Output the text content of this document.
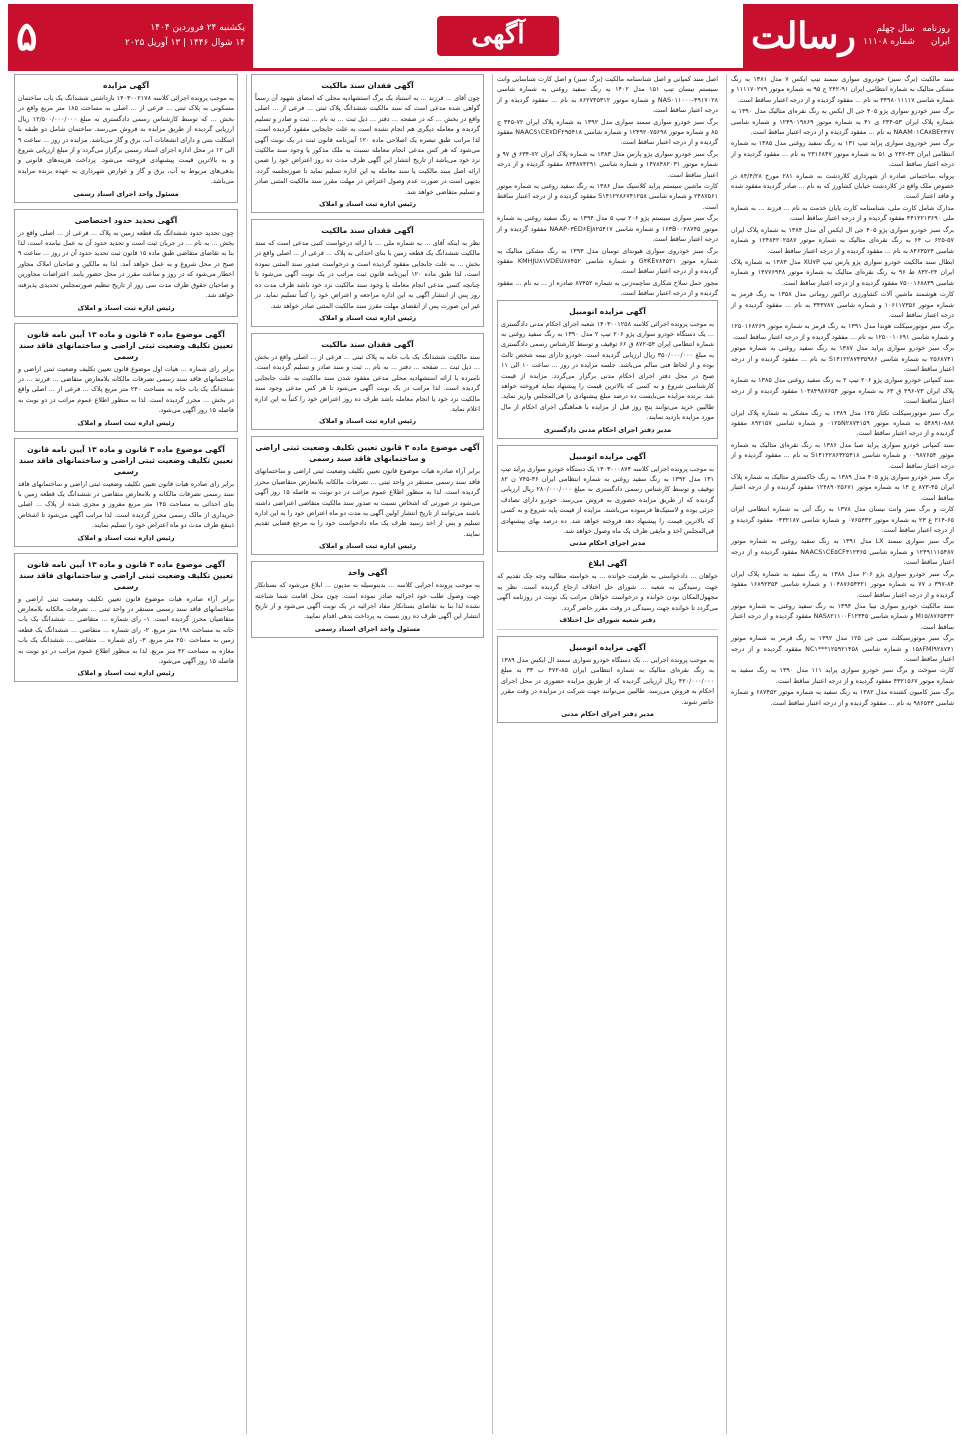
روزنامه
ایران
سال چهلم
شماره ۱۱۱۰۸
رسالت
آگهی
یکشنبه ۲۴ فروردین ۱۴۰۴
۱۴ شوال ۱۴۴۶ | ۱۳ آوریل ۲۰۲۵
۵

سند مالکیت (برگ سبز) خودروی سواری سمند تیپ ایکس ۷ مدل ۱۳۸۱ به رنگ مشکی متالیک به شماره انتظامی ایران ۹۱-۲۴۲ ج ۹۵ به شماره موتور ۱۱۱۱۷۰۲۷۹ و شماره شاسی ۳۴۹۸۰۱۱۱۱۷ به نام ... مفقود گردیده و از درجه اعتبار ساقط است.

برگ سبز خودرو سواری پژو ۴۰۵ جی ال ایکس به رنگ نقره‌ای متالیک مدل ۱۳۹۰ به شماره پلاک ایران ۵۳-۲۳۴ ی ۴۱ به شماره موتور ۱۲۴۹۰۱۹۸۶۹ و شماره شاسی NAAM۰۱CA۸BE۲۴۷۷ به نام ... مفقود گردیده و از درجه اعتبار ساقط است.

برگ سبز خودروی سواری پراید تیپ ۱۳۱ به رنگ سفید روغنی مدل ۱۳۸۵ به شماره انتظامی ایران ۴۳-۲۴۲ ی ۵۱ به شماره موتور ۲۳۱۶۸۴۷ به نام ... مفقود گردیده و از درجه اعتبار ساقط است.

پروانه ساختمانی صادره از شهرداری کلاردشت به شماره ۲۸۱ مورخ ۸۴/۴/۲۸ در خصوص ملک واقع در کلاردشت خیابان کشاورز که به نام ... صادر گردیده مفقود شده و فاقد اعتبار است.

مدارک شامل کارت ملی، شناسنامه کارت پایان خدمت به نام ... فرزند ... به شماره ملی ۴۴۱۲۲۱۳۶۹۰ مفقود گردیده و از درجه اعتبار ساقط است.

برگ سبز خودرو سواری پژو ۴۰۵ جی ال ایکس آی مدل ۱۳۸۴ به شماره پلاک ایران ۵۷-۶۲۵ ب ۶۴ به رنگ نقره‌ای متالیک به شماره موتور ۱۲۴۸۴۲۰۲۵۸۷ و شماره شاسی ۸۴۶۳۵۲۴ به نام ... مفقود گردیده و از درجه اعتبار ساقط است.

ابطال سند مالکیت خودرو سواری پژو پارس تیپ XU۷P مدل ۱۳۸۳ به شماره پلاک ایران ۲۴-۸۳۲ ط ۹۶ به رنگ نقره‌ای متالیک به شماره موتور ۱۴۷۷۶۹۴۸ و شماره شاسی ۷۵۰۰۱۶۸۸۳۹ مفقود گردیده و از درجه اعتبار ساقط است.

کارت هوشمند ماشین آلات کشاورزی تراکتور رومانی مدل ۱۳۵۸ به رنگ قرمز به شماره موتور ۱۰۶۱۱۷۳۵۶ و شماره شاسی ۳۴۳۷۸۷ به نام ... مفقود گردیده و از درجه اعتبار ساقط است.

برگ سبز موتورسیکلت هوندا مدل ۱۳۹۱ به رنگ قرمز به شماره موتور ۱۲۵۰۱۶۸۲۶۹ و شماره شاسی ۱۲۵۰۰۱۰۶۹۱ به نام ... مفقود گردیده و از درجه اعتبار ساقط است.

برگ سبز خودرو سواری پراید مدل ۱۳۸۷ به رنگ سفید روغنی به شماره موتور ۲۵۶۸۷۴۱ به شماره شاسی S۱۴۱۲۲۸۷۴۳۵۹۸۶ به نام ... مفقود گردیده و از درجه اعتبار ساقط است.

سند کمپانی خودرو سواری پژو ۲۰۶ تیپ ۲ به رنگ سفید روغنی مدل ۱۳۸۵ به شماره پلاک ایران ۷۳-۴۹۶ ق ۶۳ به شماره موتور ۱۰۳۸۴۹۸۷۶۵۴ مفقود گردیده و از درجه اعتبار ساقط است.

برگ سبز موتورسیکلت تکتاز ۱۲۵ مدل ۱۳۸۹ به رنگ مشکی به شماره پلاک ایران ۸۸۸-۵۴۸۹۱ به شماره موتور ۰۱۲۵N۲۸۷۴۱۵۹ و شماره شاسی ۸۹۲۱۵۷ مفقود گردیده و از درجه اعتبار ساقط است.

سند کمپانی خودرو سواری پراید صبا مدل ۱۳۸۶ به رنگ نقره‌ای متالیک به شماره موتور ۰۰۹۸۷۶۵۴ و شماره شاسی S۱۴۱۲۲۸۶۳۲۵۴۱۸ به نام ... مفقود گردیده و از درجه اعتبار ساقط است.

برگ سبز خودرو سواری پژو ۴۰۵ مدل ۱۳۸۹ به رنگ خاکستری متالیک به شماره پلاک ایران ۴۵-۸۷۳ ج ۱۴ به شماره موتور ۱۲۴۸۹۰۲۵۶۷۱ مفقود گردیده و از درجه اعتبار ساقط است.

کارت و برگ سبز وانت نیسان مدل ۱۳۷۸ به رنگ آبی به شماره انتظامی ایران ۶۵-۲۱۴ ع ۲۳ به شماره موتور ۰۷۶۵۴۳۲ و شماره شاسی ۰۴۳۲۱۸۷ مفقود گردیده و از درجه اعتبار ساقط است.

برگ سبز سواری سمند LX مدل ۱۳۹۱ به رنگ سفید روغنی به شماره موتور ۱۲۴۹۱۱۱۵۴۸۷ و شماره شاسی NAACS۱CE۵CF۴۱۲۳۶۵ مفقود گردیده و از درجه اعتبار ساقط است.

برگ سبز خودرو سواری پژو ۲۰۶ مدل ۱۳۸۸ به رنگ سفید به شماره پلاک ایران ۸۴-۳۹۷ د ۷۷ به شماره موتور ۱۰۴۸۷۶۵۴۳۲۱ و شماره شاسی ۱۶۸۹۲۳۵۴ مفقود گردیده و از درجه اعتبار ساقط است.

سند مالکیت خودرو سواری تیبا مدل ۱۳۹۴ به رنگ سفید روغنی به شماره موتور M۱۵/۸۷۶۵۴۳۲ و شماره شاسی NAS۸۲۱۱۰۰F۱۲۳۴۵ مفقود گردیده و از درجه اعتبار ساقط است.

برگ سبز موتورسیکلت سی جی ۱۲۵ مدل ۱۳۹۲ به رنگ قرمز به شماره موتور ۱۵۸FMI۹۲۸۷۴۱ و شماره شاسی NC۱***۱۲۵۹۲۱۴۵۸ مفقود گردیده و از درجه اعتبار ساقط است.

کارت سوخت و برگ سبز خودرو سواری پراید ۱۱۱ مدل ۱۳۹۰ به رنگ سفید به شماره موتور ۴۳۲۱۵۶۷ مفقود گردیده و از درجه اعتبار ساقط است.

برگ سبز کامیون کشنده مدل ۱۳۸۲ به رنگ سفید به شماره موتور ۶۸۷۴۵۲ و شماره شاسی ۹۸۶۵۴۳ به نام ... مفقود گردیده و از درجه اعتبار ساقط است.

اصل سند کمپانی و اصل شناسنامه مالکیت (برگ سبز) و اصل کارت شناسایی وانت سیستم نیسان تیپ ۱۵۱ مدل ۱۴۰۲ به رنگ سفید روغنی به شماره شاسی NAS۰۱۱۰۰۰-۴۹۱۷۰۲۸ و شماره موتور ۸۶۲۷۴۵۳۱۲ به نام ... مفقود گردیده و از درجه اعتبار ساقط است.

برگ سبز خودرو سواری سمند سواری مدل ۱۳۹۲ به شماره پلاک ایران ۷۲-۳۴۵ ج ۸۵ و شماره موتور ۱۲۴۹۲۰۷۵۶۹۸ و شماره شاسی NAACS۱CE۷DF۲۹۵۴۱۸ مفقود گردیده و از درجه اعتبار ساقط است.

برگ سبز خودرو سواری پژو پارس مدل ۱۳۸۳ به شماره پلاک ایران ۷۲-۶۳۴ ق ۹۷ و شماره موتور ۱۴۷۸۴۸۲۰۳۱ و شماره شاسی ۸۳۴۸۷۴۲۹۱ مفقود گردیده و از درجه اعتبار ساقط است.

کارت ماشین سیستم پراید کلاسیک مدل ۱۳۸۶ به رنگ سفید روغنی به شماره موتور ۲۴۸۷۵۶۱ و شماره شاسی S۱۴۱۲۲۸۶۷۴۱۲۵۸ مفقود گردیده و از درجه اعتبار ساقط است.

برگ سبز سواری سیستم پژو ۲۰۶ تیپ ۵ مدل ۱۳۹۴ به رنگ سفید روغنی به شماره موتور ۱۶۳B۰۰۲۸۷۴۵ و شماره شاسی NAAP۰۳ED۶EJ۸۲۵۴۱۷ مفقود گردیده و از درجه اعتبار ساقط است.

برگ سبز خودروی سواری هیوندای توسان مدل ۱۳۹۳ به رنگ مشکی متالیک به شماره موتور G۴KE۷۸۴۵۲۱ و شماره شاسی KMHJU۸۱VDEU۸۷۴۵۲ مفقود گردیده و از درجه اعتبار ساقط است.

مجوز حمل سلاح شکاری ساچمه‌زنی به شماره ۸۷۴۵۲ صادره از ... به نام ... مفقود گردیده و از درجه اعتبار ساقط است.

آگهی مزایده اتومبیل

به موجب پرونده اجرائی کلاسه ۱۴۰۳۰۰۱۲۵۸ شعبه اجرای احکام مدنی دادگستری ... یک دستگاه خودرو سواری پژو ۲۰۶ تیپ ۲ مدل ۱۳۹۰ به رنگ سفید روغنی به شماره انتظامی ایران ۵۴-۸۷۲ ق ۶۶ توقیف و توسط کارشناس رسمی دادگستری به مبلغ ۳۵۰/۰۰۰/۰۰۰ ریال ارزیابی گردیده است. خودرو دارای بیمه شخص ثالث بوده و از لحاظ فنی سالم می‌باشد. جلسه مزایده در روز ... ساعت ۱۰ الی ۱۱ صبح در محل دفتر اجرای احکام مدنی برگزار می‌گردد. مزایده از قیمت کارشناسی شروع و به کسی که بالاترین قیمت را پیشنهاد نماید فروخته خواهد شد. برنده مزایده می‌بایست ده درصد مبلغ پیشنهادی را فی‌المجلس واریز نماید. طالبین خرید می‌توانند پنج روز قبل از مزایده با هماهنگی اجرای احکام از مال مورد مزایده بازدید نمایند.

مدیر دفتر اجرای احکام مدنی دادگستری
آگهی مزایده اتومبیل

به موجب پرونده اجرایی کلاسه ۱۴۰۳۰۰۰۸۷۴ یک دستگاه خودرو سواری پراید تیپ ۱۳۱ مدل ۱۳۹۲ به رنگ سفید روغنی به شماره انتظامی ایران ۳۶-۷۴۵ ن ۸۲ توقیف و توسط کارشناس رسمی دادگستری به مبلغ ۲۸۰/۰۰۰/۰۰۰ ریال ارزیابی گردیده که از طریق مزایده حضوری به فروش می‌رسد. خودرو دارای تصادف جزئی بوده و لاستیک‌ها فرسوده می‌باشند. مزایده از قیمت پایه شروع و به کسی که بالاترین قیمت را پیشنهاد دهد فروخته خواهد شد. ده درصد بهای پیشنهادی فی‌المجلس اخذ و مابقی ظرف یک ماه وصول خواهد شد.

مدیر اجرای احکام مدنی
آگهی ابلاغ

خواهان ... دادخواستی به طرفیت خوانده ... به خواسته مطالبه وجه چک تقدیم که جهت رسیدگی به شعبه ... شورای حل اختلاف ارجاع گردیده است. نظر به مجهول‌المکان بودن خوانده و درخواست خواهان مراتب یک نوبت در روزنامه آگهی می‌گردد تا خوانده جهت رسیدگی در وقت مقرر حاضر گردد.

دفتر شعبه شورای حل اختلاف
آگهی مزایده اتومبیل

به موجب پرونده اجرایی ... یک دستگاه خودرو سواری سمند ال ایکس مدل ۱۳۸۹ به رنگ نقره‌ای متالیک به شماره انتظامی ایران ۸۵-۴۷۲ ب ۳۳ به مبلغ ۴۲۰/۰۰۰/۰۰۰ ریال ارزیابی گردیده که از طریق مزایده حضوری در محل اجرای احکام به فروش می‌رسد. طالبین می‌توانند جهت شرکت در مزایده در وقت مقرر حاضر شوند.

مدیر دفتر اجرای احکام مدنی
آگهی فقدان سند مالکیت

چون آقای ... فرزند ... به استناد یک برگ استشهادیه محلی که امضای شهود آن رسماً گواهی شده مدعی است که سند مالکیت ششدانگ پلاک ثبتی ... فرعی از ... اصلی واقع در بخش ... که در صفحه ... دفتر ... ذیل ثبت ... به نام ... ثبت و صادر و تسلیم گردیده و معامله دیگری هم انجام نشده است به علت جابجایی مفقود گردیده است، لذا مراتب طبق تبصره یک اصلاحی ماده ۱۲۰ آیین‌نامه قانون ثبت در یک نوبت آگهی می‌شود که هر کس مدعی انجام معامله نسبت به ملک مذکور یا وجود سند مالکیت نزد خود می‌باشد از تاریخ انتشار این آگهی ظرف مدت ده روز اعتراض خود را ضمن ارائه اصل سند مالکیت یا سند معامله به این اداره تسلیم نماید تا صورتجلسه گردد. بدیهی است در صورت عدم وصول اعتراض در مهلت مقرر سند مالکیت المثنی صادر و تسلیم متقاضی خواهد شد.

رئیس اداره ثبت اسناد و املاک
آگهی فقدان سند مالکیت

نظر به اینکه آقای ... به شماره ملی ... با ارائه درخواست کتبی مدعی است که سند مالکیت ششدانگ یک قطعه زمین با بنای احداثی به پلاک ... فرعی از ... اصلی واقع در بخش ... به علت جابجایی مفقود گردیده است و درخواست صدور سند المثنی نموده است، لذا طبق ماده ۱۲۰ آیین‌نامه قانون ثبت مراتب در یک نوبت آگهی می‌شود تا چنانچه کسی مدعی انجام معامله یا وجود سند مالکیت نزد خود باشد ظرف مدت ده روز پس از انتشار آگهی به این اداره مراجعه و اعتراض خود را کتباً تسلیم نماید. در غیر این صورت پس از انقضای مهلت مقرر سند مالکیت المثنی صادر خواهد شد.

رئیس اداره ثبت اسناد و املاک
آگهی فقدان سند مالکیت

سند مالکیت ششدانگ یک باب خانه به پلاک ثبتی ... فرعی از ... اصلی واقع در بخش ... ذیل ثبت ... صفحه ... دفتر ... به نام ... ثبت و سند صادر و تسلیم گردیده است. نامبرده با ارائه استشهادیه محلی مدعی مفقود شدن سند مالکیت به علت جابجایی گردیده است. لذا مراتب در یک نوبت آگهی می‌شود تا هر کس مدعی وجود سند مالکیت نزد خود یا انجام معامله باشد ظرف ده روز اعتراض خود را کتباً به این اداره اعلام نماید.

رئیس اداره ثبت اسناد و املاک
آگهی موضوع ماده ۳ قانون تعیین تکلیف وضعیت ثبتی اراضی و ساختمانهای فاقد سند رسمی

برابر آراء صادره هیات موضوع قانون تعیین تکلیف وضعیت ثبتی اراضی و ساختمانهای فاقد سند رسمی مستقر در واحد ثبتی ... تصرفات مالکانه بلامعارض متقاضیان محرز گردیده است. لذا به منظور اطلاع عموم مراتب در دو نوبت به فاصله ۱۵ روز آگهی می‌شود در صورتی که اشخاص نسبت به صدور سند مالکیت متقاضی اعتراضی داشته باشند می‌توانند از تاریخ انتشار اولین آگهی به مدت دو ماه اعتراض خود را به این اداره تسلیم و پس از اخذ رسید ظرف یک ماه دادخواست خود را به مرجع قضایی تقدیم نمایند.

رئیس اداره ثبت اسناد و املاک
آگهی واحد

به موجب پرونده اجرایی کلاسه ... بدینوسیله به مدیون ... ابلاغ می‌شود که بستانکار جهت وصول طلب خود اجرائیه صادر نموده است. چون محل اقامت شما شناخته نشده لذا بنا به تقاضای بستانکار مفاد اجرائیه در یک نوبت آگهی می‌شود و از تاریخ انتشار این آگهی ظرف ده روز نسبت به پرداخت بدهی اقدام نمایید.

مسئول واحد اجرای اسناد رسمی
آگهی مزایده

به موجب پرونده اجرائی کلاسه ۱۴۰۳۰۰۲۱۷۸ بازداشتی ششدانگ یک باب ساختمان مسکونی به پلاک ثبتی ... فرعی از ... اصلی به مساحت ۱۸۵ متر مربع واقع در بخش ... که توسط کارشناس رسمی دادگستری به مبلغ ۱۲/۵۰۰/۰۰۰/۰۰۰ ریال ارزیابی گردیده از طریق مزایده به فروش می‌رسد. ساختمان شامل دو طبقه با اسکلت بتنی و دارای انشعابات آب، برق و گاز می‌باشد. مزایده در روز ... ساعت ۹ الی ۱۲ در محل اداره اجرای اسناد رسمی برگزار می‌گردد و از مبلغ ارزیابی شروع و به بالاترین قیمت پیشنهادی فروخته می‌شود. پرداخت هزینه‌های قانونی و بدهی‌های مربوط به آب، برق و گاز و عوارض شهرداری به عهده برنده مزایده می‌باشد.

مسئول واحد اجرای اسناد رسمی
آگهی تحدید حدود اختصاصی

چون تحدید حدود ششدانگ یک قطعه زمین به پلاک ... فرعی از ... اصلی واقع در بخش ... به نام ... در جریان ثبت است و تحدید حدود آن به عمل نیامده است، لذا بنا به تقاضای متقاضی طبق ماده ۱۵ قانون ثبت تحدید حدود آن در روز ... ساعت ۹ صبح در محل شروع و به عمل خواهد آمد. لذا به مالکین و صاحبان املاک مجاور اخطار می‌شود که در روز و ساعت مقرر در محل حضور یابند. اعتراضات مجاورین و صاحبان حقوق ظرف مدت سی روز از تاریخ تنظیم صورتمجلس تحدیدی پذیرفته خواهد شد.

رئیس اداره ثبت اسناد و املاک
آگهی موضوع ماده ۳ قانون و ماده ۱۳ آیین نامه قانون تعیین تکلیف وضعیت ثبتی اراضی و ساختمانهای فاقد سند رسمی

برابر رای شماره ... هیات اول موضوع قانون تعیین تکلیف وضعیت ثبتی اراضی و ساختمانهای فاقد سند رسمی تصرفات مالکانه بلامعارض متقاضی ... فرزند ... در ششدانگ یک باب خانه به مساحت ۲۳۰ متر مربع پلاک ... فرعی از ... اصلی واقع در بخش ... محرز گردیده است. لذا به منظور اطلاع عموم مراتب در دو نوبت به فاصله ۱۵ روز آگهی می‌شود.

رئیس اداره ثبت اسناد و املاک
آگهی موضوع ماده ۳ قانون و ماده ۱۳ آیین نامه قانون تعیین تکلیف وضعیت ثبتی اراضی و ساختمانهای فاقد سند رسمی

برابر رای صادره هیات قانون تعیین تکلیف وضعیت ثبتی اراضی و ساختمانهای فاقد سند رسمی تصرفات مالکانه و بلامعارض متقاضی در ششدانگ یک قطعه زمین با بنای احداثی به مساحت ۱۴۵ متر مربع مفروز و مجزی شده از پلاک ... اصلی خریداری از مالک رسمی محرز گردیده است. لذا مراتب آگهی می‌شود تا اشخاص ذینفع ظرف مدت دو ماه اعتراض خود را تسلیم نمایند.

رئیس اداره ثبت اسناد و املاک
آگهی موضوع ماده ۳ قانون و ماده ۱۳ آیین نامه قانون تعیین تکلیف وضعیت ثبتی اراضی و ساختمانهای فاقد سند رسمی

برابر آراء صادره هیات موضوع قانون تعیین تکلیف وضعیت ثبتی اراضی و ساختمانهای فاقد سند رسمی مستقر در واحد ثبتی ... تصرفات مالکانه بلامعارض متقاضیان محرز گردیده است. ۱- رای شماره ... متقاضی ... ششدانگ یک باب خانه به مساحت ۱۹۸ متر مربع. ۲- رای شماره ... متقاضی ... ششدانگ یک قطعه زمین به مساحت ۲۵۰ متر مربع. ۳- رای شماره ... متقاضی ... ششدانگ یک باب مغازه به مساحت ۴۲ متر مربع. لذا به منظور اطلاع عموم مراتب در دو نوبت به فاصله ۱۵ روز آگهی می‌شود.

رئیس اداره ثبت اسناد و املاک
